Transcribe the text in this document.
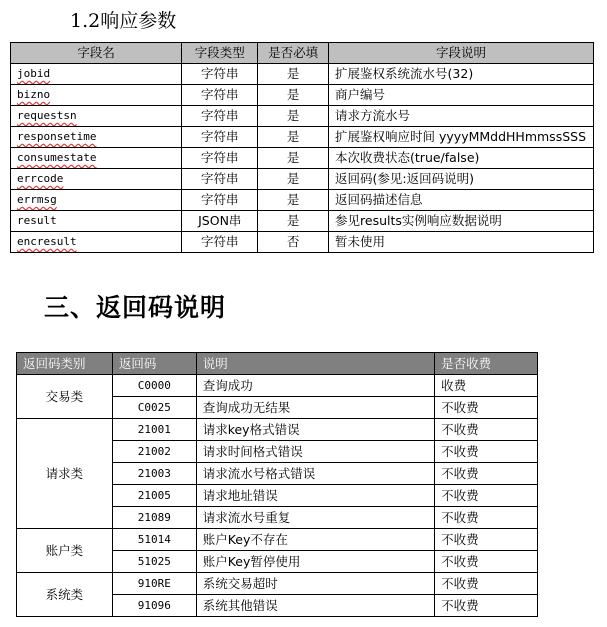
1.2响应参数
字段名	字段类型	是否必填	字段说明
jobid	字符串	是	扩展鉴权系统流水号(32)
bizno	字符串	是	商户编号
requestsn	字符串	是	请求方流水号
responsetime	字符串	是	扩展鉴权响应时间 yyyyMMddHHmmssSSS
consumestate	字符串	是	本次收费状态(true/false)
errcode	字符串	是	返回码(参见:返回码说明)
errmsg	字符串	是	返回码描述信息
result	JSON串	是	参见results实例响应数据说明
encresult	字符串	否	暂未使用
三、返回码说明
返回码类别	返回码	说明	是否收费
交易类	C0000	查询成功	收费
	C0025	查询成功无结果	不收费
请求类	21001	请求key格式错误	不收费
	21002	请求时间格式错误	不收费
	21003	请求流水号格式错误	不收费
	21005	请求地址错误	不收费
	21089	请求流水号重复	不收费
账户类	51014	账户Key不存在	不收费
	51025	账户Key暂停使用	不收费
系统类	910RE	系统交易超时	不收费
	91096	系统其他错误	不收费
